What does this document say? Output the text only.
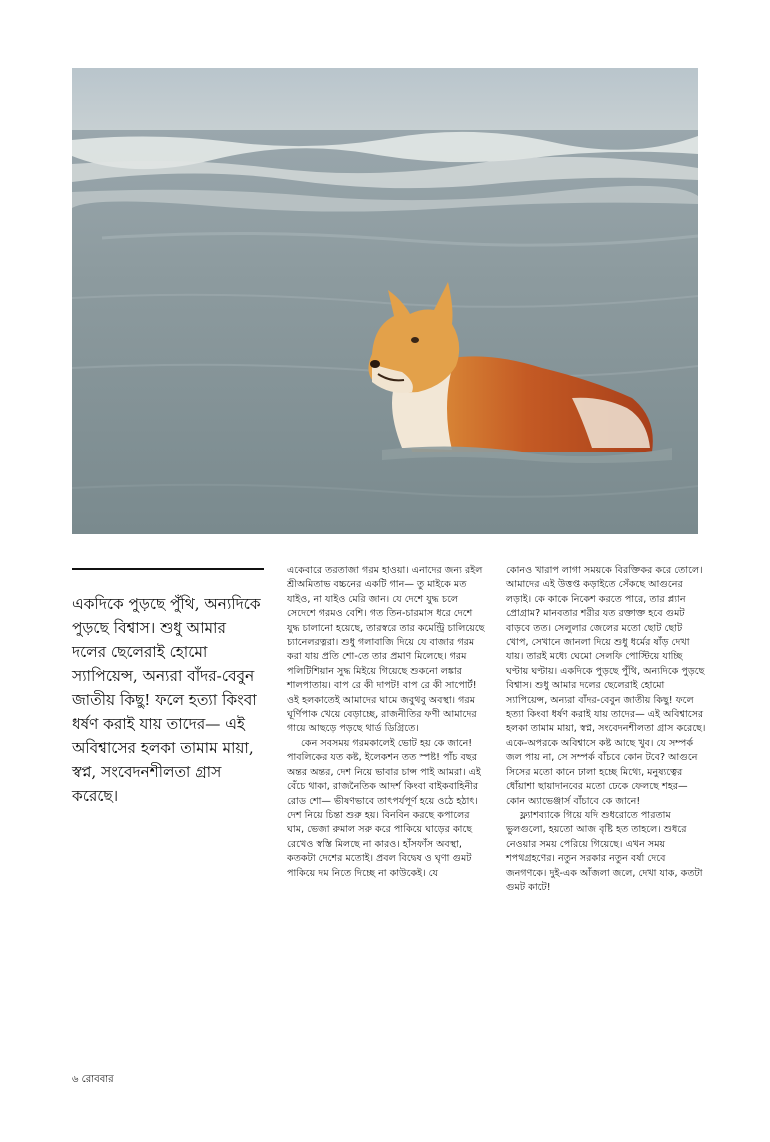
একদিকে পুড়ছে পুঁথি, অন্যদিকে পুড়ছে বিশ্বাস। শুধু আমার দলের ছেলেরাই হোমো স্যাপিয়েন্স, অন্যরা বাঁদর-বেবুন জাতীয় কিছু! ফলে হত্যা কিংবা ধর্ষণ করাই যায় তাদের— এই অবিশ্বাসের হলকা তামাম মায়া, স্বপ্ন, সংবেদনশীলতা গ্রাস করেছে।

একেবারে তরতাজা গরম হাওয়া। এনাদের জন্য রইল শ্রীঅমিতাভ বচ্চনের একটি গান— তু মাইকে মত যাইও, না যাইও মেরি জান। যে দেশে যুদ্ধ চলে সেদেশে গরমও বেশি। গত তিন-চারমাস ধরে দেশে যুদ্ধ চালানো হয়েছে, তারস্বরে তার কমেন্ট্রি চালিয়েছে চ্যানেলরত্নরা। শুধু গলাবাজি দিয়ে যে বাজার গরম করা যায় প্রতি শো-তে তার প্রমাণ মিলেছে। গরম পলিটিশিয়ান সুদ্ধ মিইয়ে গিয়েছে শুকনো লঙ্কার শালপাতায়। বাপ রে কী দাপট! বাপ রে কী সাপোর্ট! ওই হলকাতেই আমাদের ঘামে জবুথবু অবস্থা। গরম ঘূর্ণিপাক খেয়ে বেড়াচ্ছে, রাজনীতির ফণী আমাদের গায়ে আছড়ে পড়ছে থার্ড ডিগ্রিতে।

কেন সবসময় গরমকালেই ভোট হয় কে জানে! পাবলিকের যত কষ্ট, ইলেকশন তত স্পষ্ট! পাঁচ বছর অন্তর অন্তর, দেশ নিয়ে ভাবার চান্স পাই আমরা। এই বেঁচে থাকা, রাজনৈতিক আদর্শ কিংবা বাইকবাহিনীর রোড শো— ভীষণভাবে তাৎপর্যপূর্ণ হয়ে ওঠে হঠাৎ। দেশ নিয়ে চিন্তা শুরু হয়। বিনবিন করছে কপালের ঘাম, ভেজা রুমাল সরু করে পাকিয়ে ঘাড়ের কাছে রেখেও স্বস্তি মিলছে না কারও। হাঁসফাঁস অবস্থা, কতকটা দেশের মতোই। প্রবল বিদ্বেষ ও ঘৃণা গুমট পাকিয়ে দম নিতে দিচ্ছে না কাউকেই। যে

কোনও খারাপ লাগা সময়কে বিরক্তিকর করে তোলে। আমাদের এই উত্তপ্ত কড়াইতে সেঁকছে আগুনের লড়াই। কে কাকে নিকেশ করতে পারে, তার প্ল্যান প্রোগ্রাম? মানবতার শরীর যত রক্তাক্ত হবে গুমট বাড়বে তত। সেলুলার জেলের মতো ছোট ছোট খোপ, সেখানে জানলা দিয়ে শুধু ধর্মের ষাঁড় দেখা যায়। তারই মধ্যে ঘেমো সেলফি পোস্টিয়ে যাচ্ছি ঘণ্টায় ঘণ্টায়। একদিকে পুড়ছে পুঁথি, অন্যদিকে পুড়ছে বিশ্বাস। শুধু আমার দলের ছেলেরাই হোমো স্যাপিয়েন্স, অন্যরা বাঁদর-বেবুন জাতীয় কিছু! ফলে হত্যা কিংবা ধর্ষণ করাই যায় তাদের— এই অবিশ্বাসের হলকা তামাম মায়া, স্বপ্ন, সংবেদনশীলতা গ্রাস করেছে। একে-অপরকে অবিশ্বাসে কষ্ট আছে খুব। যে সম্পর্ক জল পায় না, সে সম্পর্ক বাঁচবে কোন টবে? আগুনে সিসের মতো কানে ঢালা হচ্ছে মিথ্যে, মনুষ্যত্বের ধোঁয়াশা ছায়াদানবের মতো ঢেকে ফেলছে শহর— কোন অ্যাভেঞ্জার্স বাঁচাবে কে জানে!

ফ্ল্যাশব্যাকে গিয়ে যদি শুধরোতে পারতাম ভুলগুলো, হয়তো আজ বৃষ্টি হত তাহলে। শুধরে নেওয়ার সময় পেরিয়ে গিয়েছে। এখন সময় শপথগ্রহণের। নতুন সরকার নতুন বর্ষা দেবে জনগণকে। দুই-এক আঁজলা জলে, দেখা যাক, কতটা গুমট কাটে!

৬ রোববার
